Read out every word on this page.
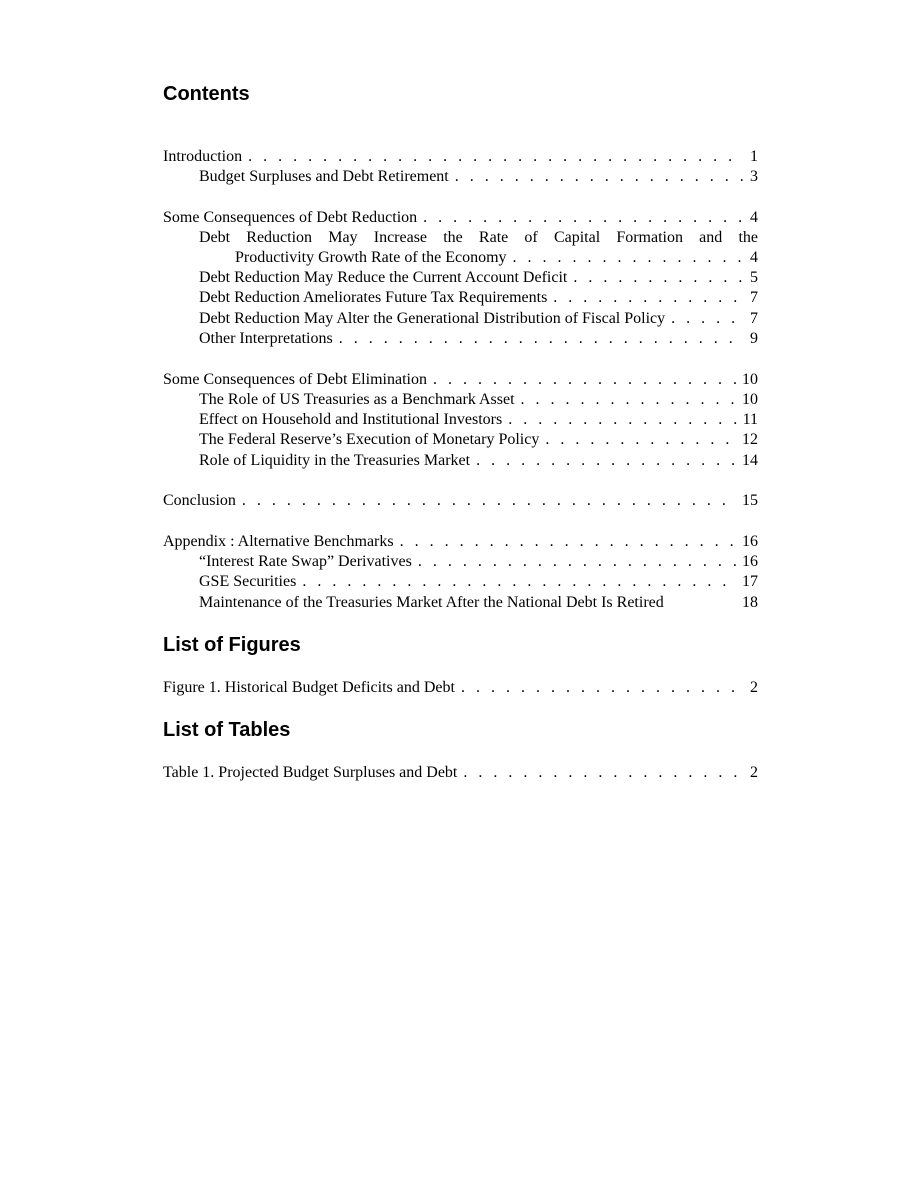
Contents
Introduction . . .	1
Budget Surpluses and Debt Retirement . . .	3
Some Consequences of Debt Reduction . . .	4
Debt Reduction May Increase the Rate of Capital Formation and the
Productivity Growth Rate of the Economy . . .	4
Debt Reduction May Reduce the Current Account Deficit . . .	5
Debt Reduction Ameliorates Future Tax Requirements . . .	7
Debt Reduction May Alter the Generational Distribution of Fiscal Policy . . .	7
Other Interpretations . . .	9
Some Consequences of Debt Elimination . . .	10
The Role of US Treasuries as a Benchmark Asset . . .	10
Effect on Household and Institutional Investors . . .	11
The Federal Reserve’s Execution of Monetary Policy . . .	12
Role of Liquidity in the Treasuries Market . . .	14
Conclusion . . .	15
Appendix : Alternative Benchmarks . . .	16
“Interest Rate Swap” Derivatives . . .	16
GSE Securities . . .	17
Maintenance of the Treasuries Market After the National Debt Is Retired	18
List of Figures
Figure 1. Historical Budget Deficits and Debt . . .	2
List of Tables
Table 1. Projected Budget Surpluses and Debt . . .	2
